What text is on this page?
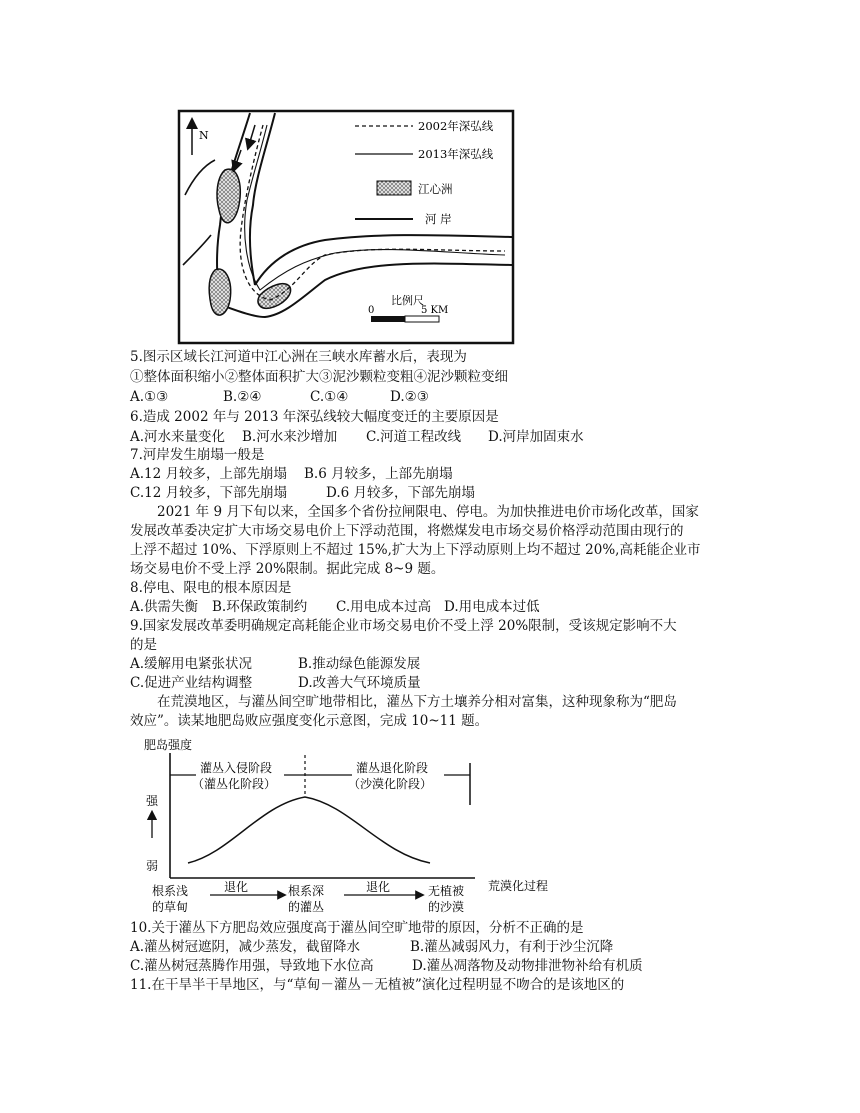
N
2002年深弘线
2013年深弘线
江心洲
河 岸
比例尺
0	5 KM
5.图示区域长江河道中江心洲在三峡水库蓄水后，表现为
①整体面积缩小②整体面积扩大③泥沙颗粒变粗④泥沙颗粒变细
A.①③	B.②④	C.①④	D.②③
6.造成 2002 年与 2013 年深弘线较大幅度变迁的主要原因是
A.河水来量变化 B.河水来沙增加 C.河道工程改线 D.河岸加固束水
7.河岸发生崩塌一般是
A.12 月较多，上部先崩塌 B.6 月较多，上部先崩塌
C.12 月较多，下部先崩塌	D.6 月较多，下部先崩塌
2021 年 9 月下旬以来，全国多个省份拉闸限电、停电。为加快推进电价市场化改革，国家
发展改革委决定扩大市场交易电价上下浮动范围，将燃煤发电市场交易价格浮动范围由现行的
上浮不超过 10%、下浮原则上不超过 15%,扩大为上下浮动原则上均不超过 20%,高耗能企业市
场交易电价不受上浮 20%限制。据此完成 8~9 题。
8.停电、限电的根本原因是
A.供需失衡 B.环保政策制约 C.用电成本过高 D.用电成本过低
9.国家发展改革委明确规定高耗能企业市场交易电价不受上浮 20%限制，受该规定影响不大
的是
A.缓解用电紧张状况	B.推动绿色能源发展
C.促进产业结构调整	D.改善大气环境质量
在荒漠地区，与灌丛间空旷地带相比，灌丛下方土壤养分相对富集，这种现象称为“肥岛
效应”。读某地肥岛败应强度变化示意图，完成 10~11 题。
肥岛强度
强
弱
灌丛入侵阶段
（灌丛化阶段）
灌丛退化阶段
（沙漠化阶段）
根系浅
的草甸
退化	根系深
的灌丛
退化	无植被
的沙漠
荒漠化过程
10.关于灌丛下方肥岛效应强度高于灌丛间空旷地带的原因，分析不正确的是
A.灌丛树冠遮阴，减少蒸发，截留降水	B.灌丛减弱风力，有利于沙尘沉降
C.灌丛树冠蒸腾作用强，导致地下水位高	D.灌丛凋落物及动物排泄物补给有机质
11.在干旱半干旱地区，与“草甸－灌丛－无植被”演化过程明显不吻合的是该地区的
